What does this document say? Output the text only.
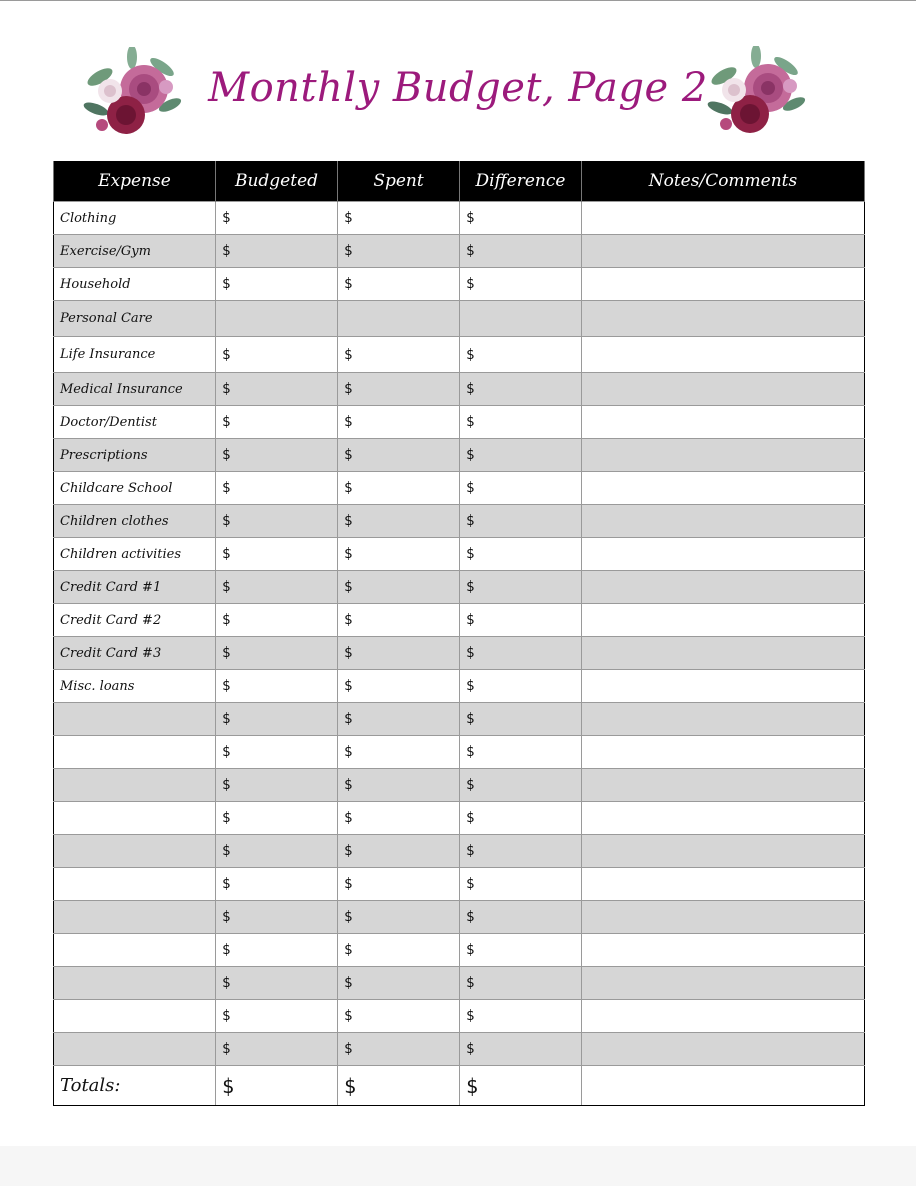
Monthly Budget, Page 2
Expense	Budgeted	Spent	Difference	Notes/Comments
Clothing	$	$	$	
Exercise/Gym	$	$	$	
Household	$	$	$	
Personal Care				
Life Insurance	$	$	$	
Medical Insurance	$	$	$	
Doctor/Dentist	$	$	$	
Prescriptions	$	$	$	
Childcare School	$	$	$	
Children clothes	$	$	$	
Children activities	$	$	$	
Credit Card #1	$	$	$	
Credit Card #2	$	$	$	
Credit Card #3	$	$	$	
Misc. loans	$	$	$	
	$	$	$	
	$	$	$	
	$	$	$	
	$	$	$	
	$	$	$	
	$	$	$	
	$	$	$	
	$	$	$	
	$	$	$	
	$	$	$	
	$	$	$	
Totals:	$	$	$	
